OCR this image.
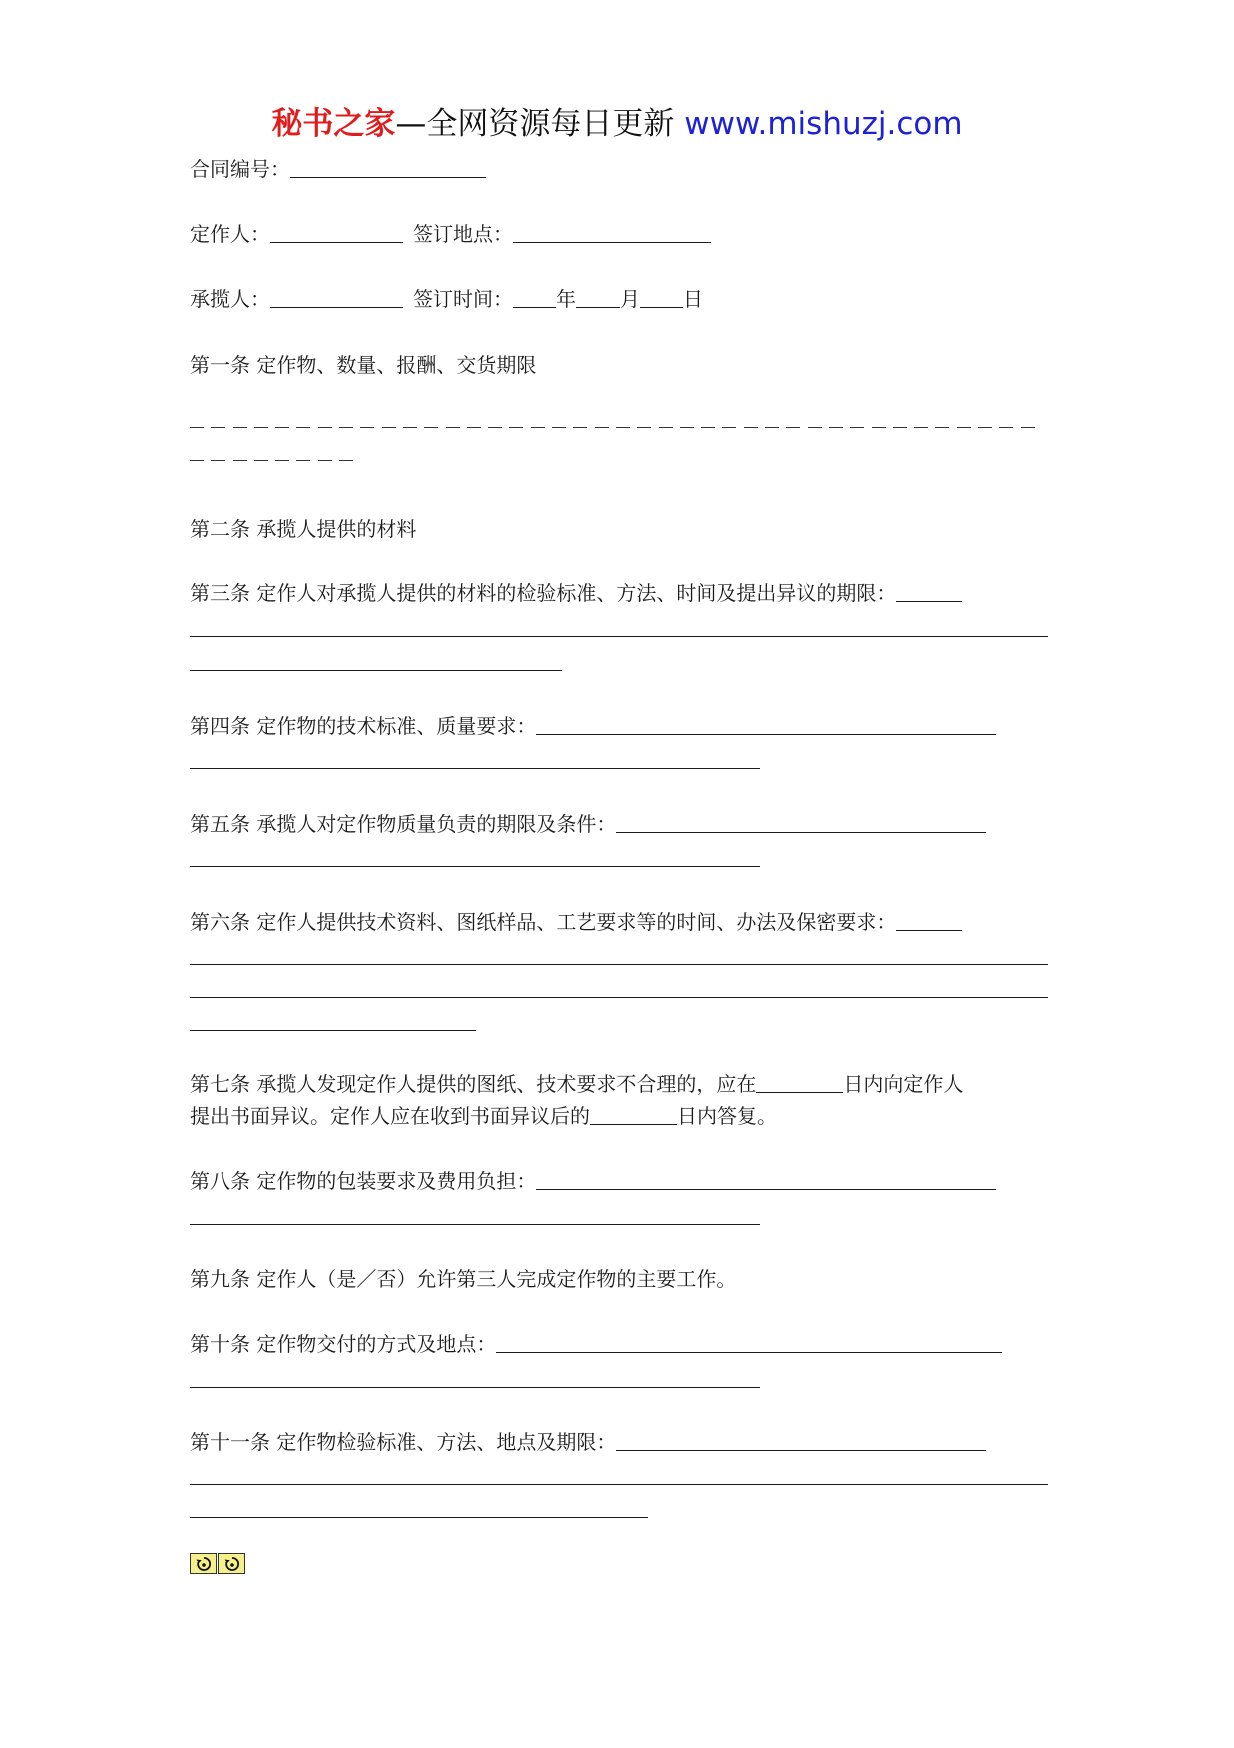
秘书之家—全网资源每日更新 www.mishuzj.com
合同编号：
定作人：	签订地点：
承揽人：	签订时间： 年 月 日
第一条 定作物、数量、报酬、交货期限
第二条 承揽人提供的材料
第三条 定作人对承揽人提供的材料的检验标准、方法、时间及提出异议的期限：
第四条 定作物的技术标准、质量要求：
第五条 承揽人对定作物质量负责的期限及条件：
第六条 定作人提供技术资料、图纸样品、工艺要求等的时间、办法及保密要求：
第七条 承揽人发现定作人提供的图纸、技术要求不合理的，应在	日内向定作人
提出书面异议。定作人应在收到书面异议后的	日内答复。
第八条 定作物的包装要求及费用负担：
第九条 定作人（是／否）允许第三人完成定作物的主要工作。
第十条 定作物交付的方式及地点：
第十一条 定作物检验标准、方法、地点及期限：
